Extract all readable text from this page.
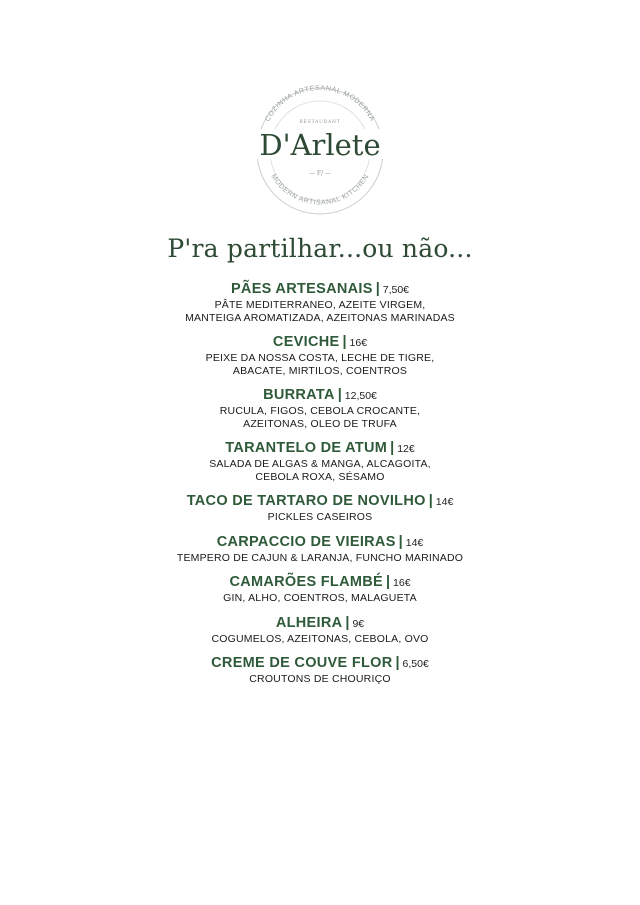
COZINHA ARTESANAL MODERNA
MODERN ARTISANAL KITCHEN
RESTAURANT
D'Arlete
— F/ —
P'ra partilhar...ou não...
PÃES ARTESANAIS | 7,50€
PÂTE MEDITERRANEO, AZEITE VIRGEM,
MANTEIGA AROMATIZADA, AZEITONAS MARINADAS
CEVICHE | 16€
PEIXE DA NOSSA COSTA, LECHE DE TIGRE,
ABACATE, MIRTILOS, COENTROS
BURRATA | 12,50€
RUCULA, FIGOS, CEBOLA CROCANTE,
AZEITONAS, OLEO DE TRUFA
TARANTELO DE ATUM | 12€
SALADA DE ALGAS & MANGA, ALCAGOITA,
CEBOLA ROXA, SÉSAMO
TACO DE TARTARO DE NOVILHO | 14€
PICKLES CASEIROS
CARPACCIO DE VIEIRAS | 14€
TEMPERO DE CAJUN & LARANJA, FUNCHO MARINADO
CAMARÕES FLAMBÉ | 16€
GIN, ALHO, COENTROS, MALAGUETA
ALHEIRA | 9€
COGUMELOS, AZEITONAS, CEBOLA, OVO
CREME DE COUVE FLOR | 6,50€
CROUTONS DE CHOURIÇO
